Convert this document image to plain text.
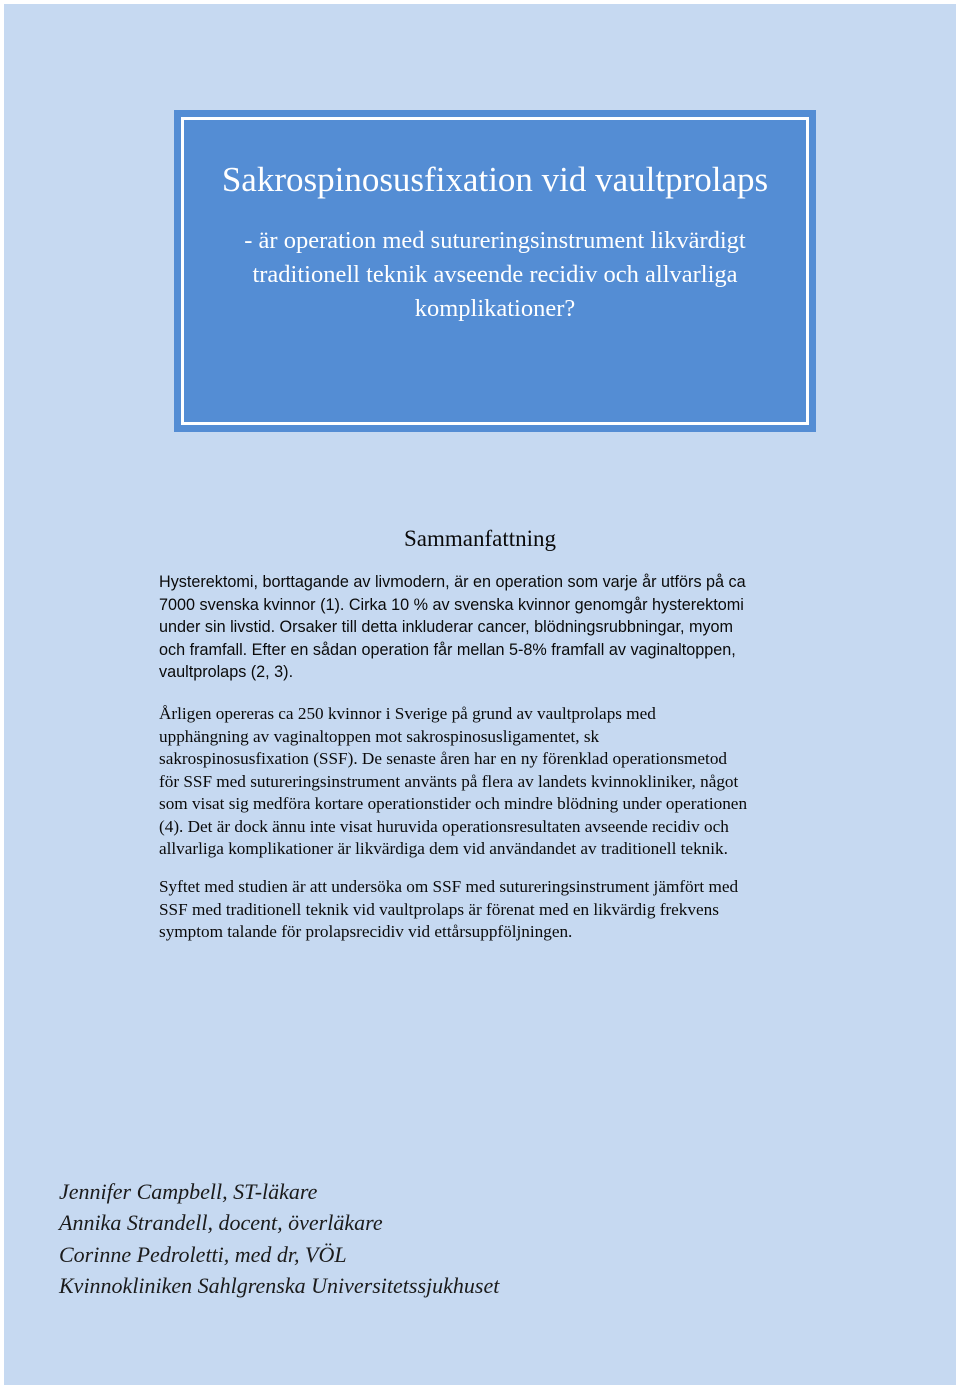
Sakrospinosusfixation vid vaultprolaps
- är operation med sutureringsinstrument likvärdigt
traditionell teknik avseende recidiv och allvarliga
komplikationer?
Sammanfattning

Hysterektomi, borttagande av livmodern, är en operation som varje år utförs på ca
7000 svenska kvinnor (1). Cirka 10 % av svenska kvinnor genomgår hysterektomi
under sin livstid. Orsaker till detta inkluderar cancer, blödningsrubbningar, myom
och framfall. Efter en sådan operation får mellan 5-8% framfall av vaginaltoppen,
vaultprolaps (2, 3).

Årligen opereras ca 250 kvinnor i Sverige på grund av vaultprolaps med
upphängning av vaginaltoppen mot sakrospinosusligamentet, sk
sakrospinosusfixation (SSF). De senaste åren har en ny förenklad operationsmetod
för SSF med sutureringsinstrument använts på flera av landets kvinnokliniker, något
som visat sig medföra kortare operationstider och mindre blödning under operationen
(4). Det är dock ännu inte visat huruvida operationsresultaten avseende recidiv och
allvarliga komplikationer är likvärdiga dem vid användandet av traditionell teknik.

Syftet med studien är att undersöka om SSF med sutureringsinstrument jämfört med
SSF med traditionell teknik vid vaultprolaps är förenat med en likvärdig frekvens
symptom talande för prolapsrecidiv vid ettårsuppföljningen.

Jennifer Campbell, ST-läkare
Annika Strandell, docent, överläkare
Corinne Pedroletti, med dr, VÖL
Kvinnokliniken Sahlgrenska Universitetssjukhuset
